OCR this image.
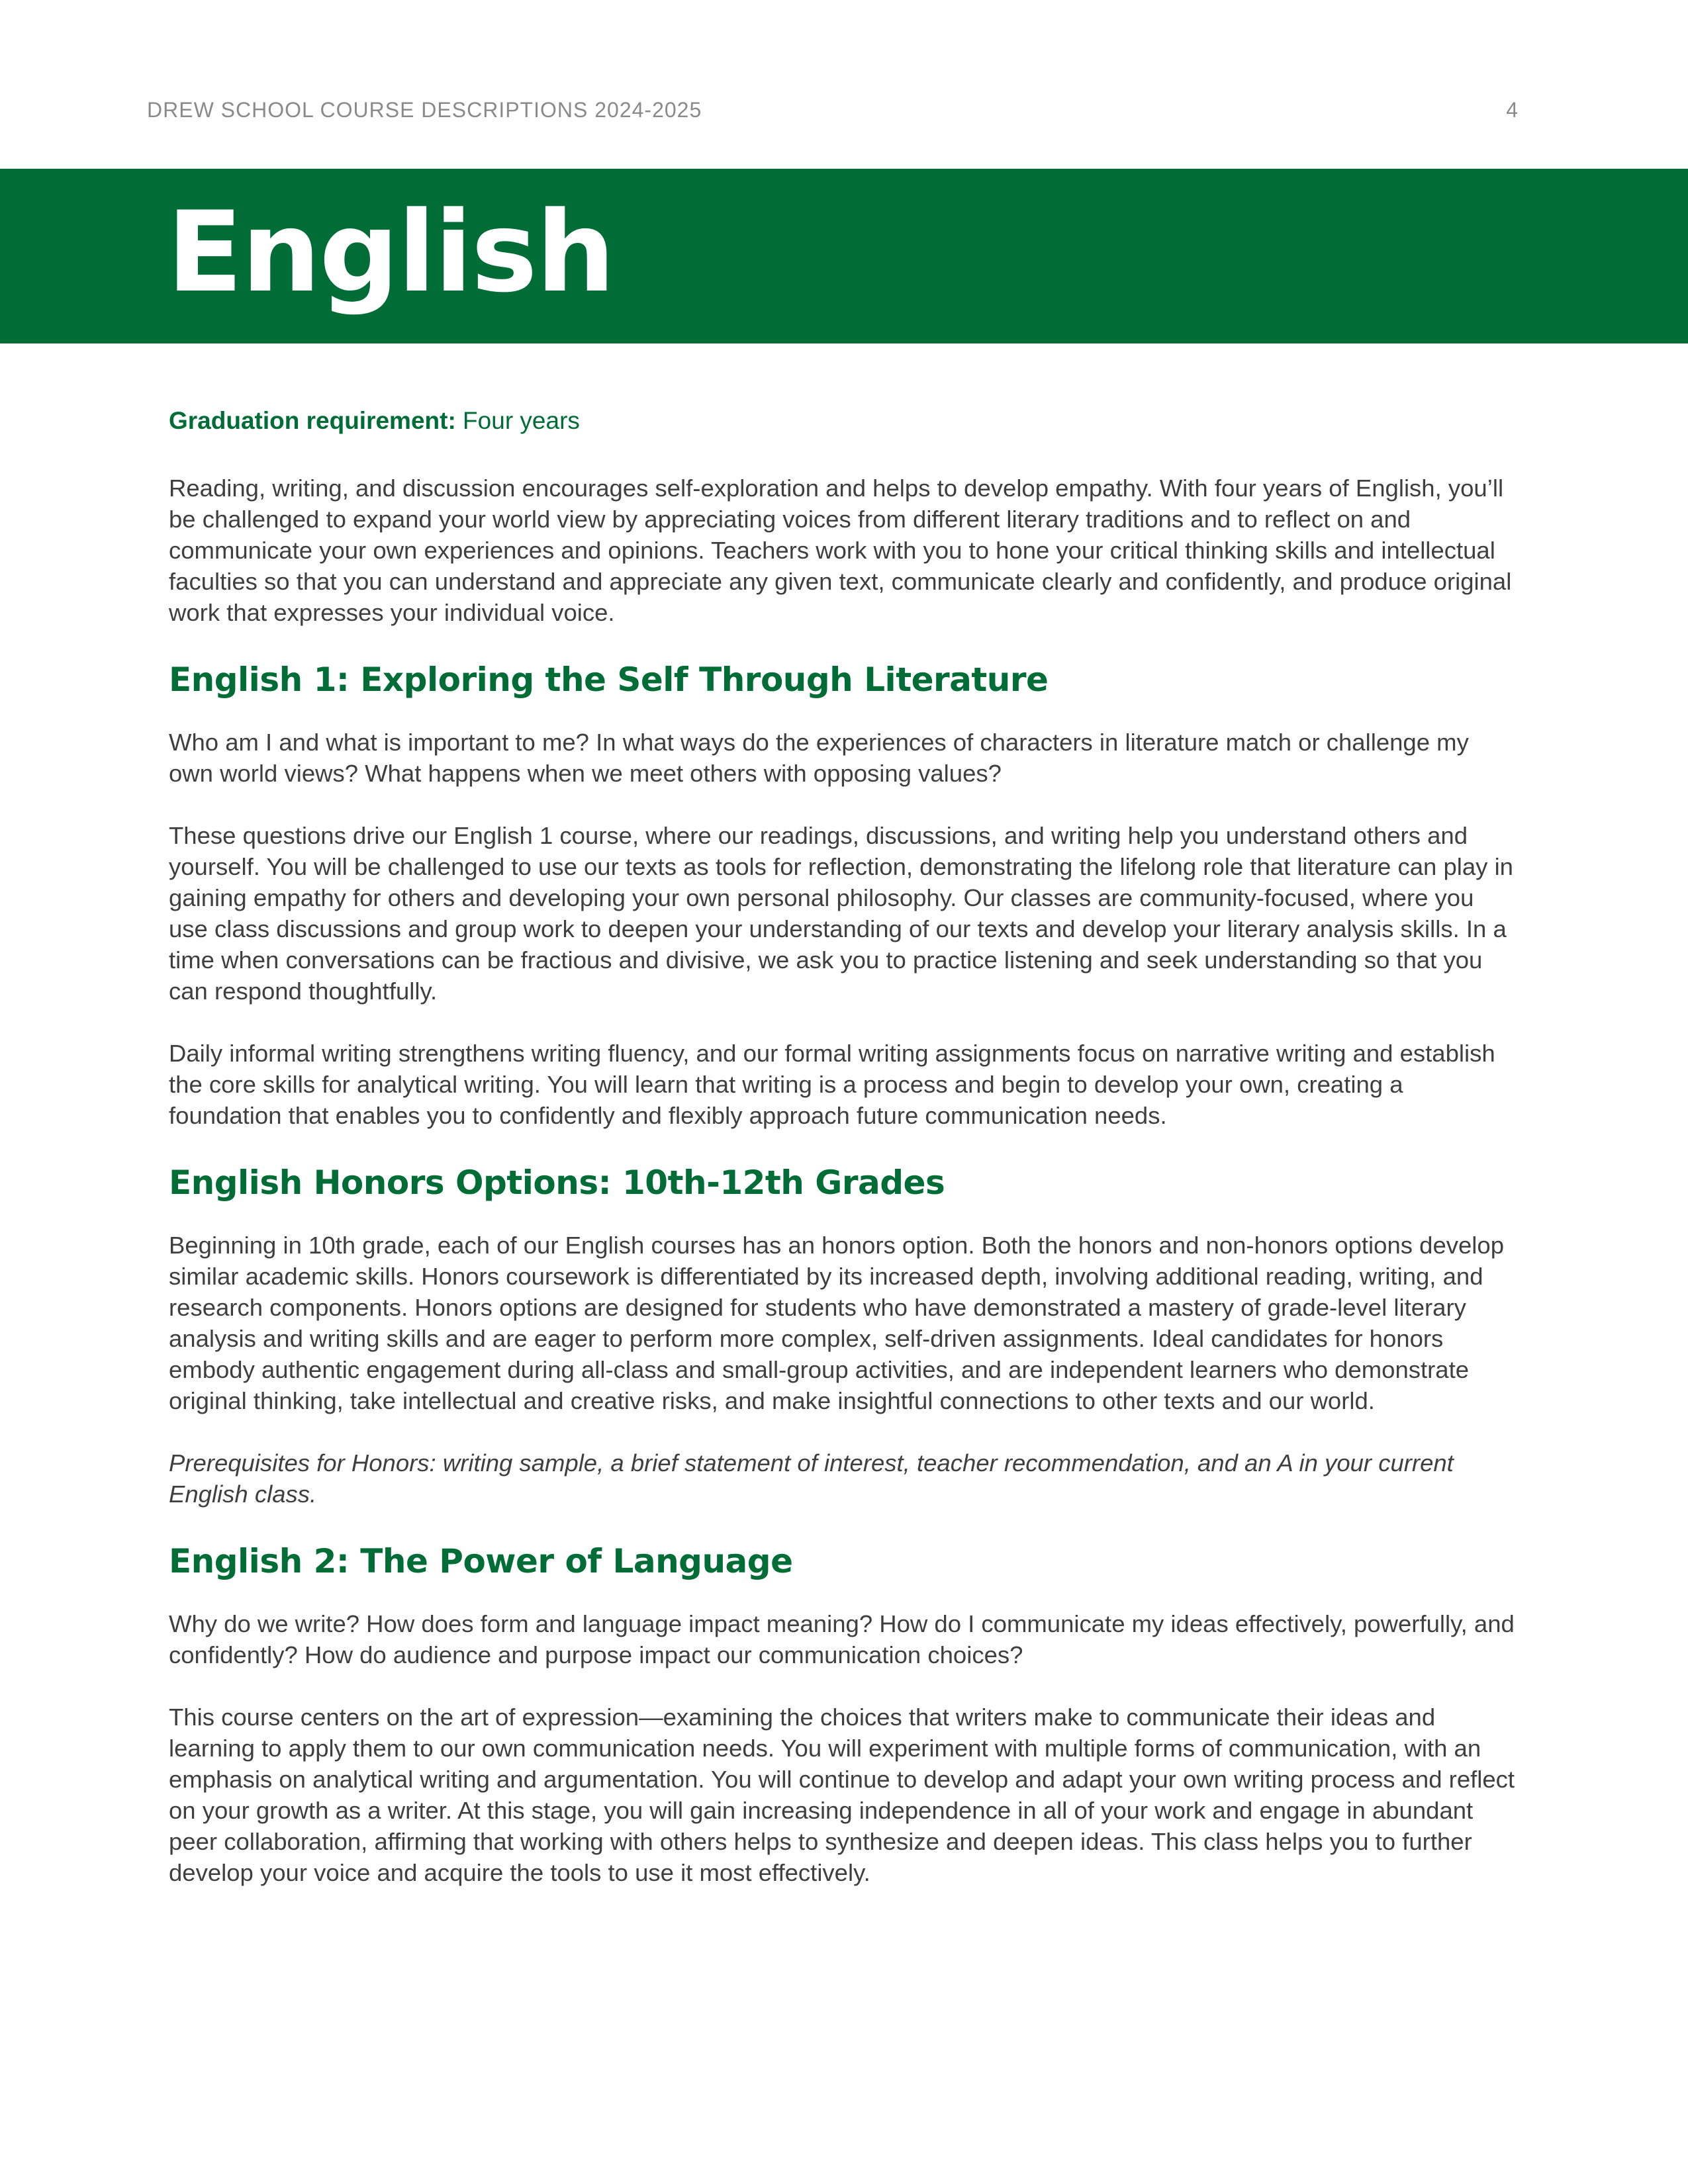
DREW SCHOOL COURSE DESCRIPTIONS 2024-2025	4
English

Graduation requirement: Four years

Reading, writing, and discussion encourages self-exploration and helps to develop empathy. With four years of English, you’ll be challenged to expand your world view by appreciating voices from different literary traditions and to reflect on and communicate your own experiences and opinions. Teachers work with you to hone your critical thinking skills and intellectual faculties so that you can understand and appreciate any given text, communicate clearly and confidently, and produce original work that expresses your individual voice.

English 1: Exploring the Self Through Literature

Who am I and what is important to me? In what ways do the experiences of characters in literature match or challenge my own world views? What happens when we meet others with opposing values?

These questions drive our English 1 course, where our readings, discussions, and writing help you understand others and yourself. You will be challenged to use our texts as tools for reflection, demonstrating the lifelong role that literature can play in gaining empathy for others and developing your own personal philosophy. Our classes are community-focused, where you use class discussions and group work to deepen your understanding of our texts and develop your literary analysis skills. In a time when conversations can be fractious and divisive, we ask you to practice listening and seek understanding so that you can respond thoughtfully.

Daily informal writing strengthens writing fluency, and our formal writing assignments focus on narrative writing and establish the core skills for analytical writing. You will learn that writing is a process and begin to develop your own, creating a foundation that enables you to confidently and flexibly approach future communication needs.

English Honors Options: 10th-12th Grades

Beginning in 10th grade, each of our English courses has an honors option. Both the honors and non-honors options develop similar academic skills. Honors coursework is differentiated by its increased depth, involving additional reading, writing, and research components. Honors options are designed for students who have demonstrated a mastery of grade-level literary analysis and writing skills and are eager to perform more complex, self-driven assignments. Ideal candidates for honors embody authentic engagement during all-class and small-group activities, and are independent learners who demonstrate original thinking, take intellectual and creative risks, and make insightful connections to other texts and our world.

Prerequisites for Honors: writing sample, a brief statement of interest, teacher recommendation, and an A in your current English class.

English 2: The Power of Language

Why do we write? How does form and language impact meaning? How do I communicate my ideas effectively, powerfully, and confidently? How do audience and purpose impact our communication choices?

This course centers on the art of expression—examining the choices that writers make to communicate their ideas and learning to apply them to our own communication needs. You will experiment with multiple forms of communication, with an emphasis on analytical writing and argumentation. You will continue to develop and adapt your own writing process and reflect on your growth as a writer. At this stage, you will gain increasing independence in all of your work and engage in abundant peer collaboration, affirming that working with others helps to synthesize and deepen ideas. This class helps you to further develop your voice and acquire the tools to use it most effectively.
